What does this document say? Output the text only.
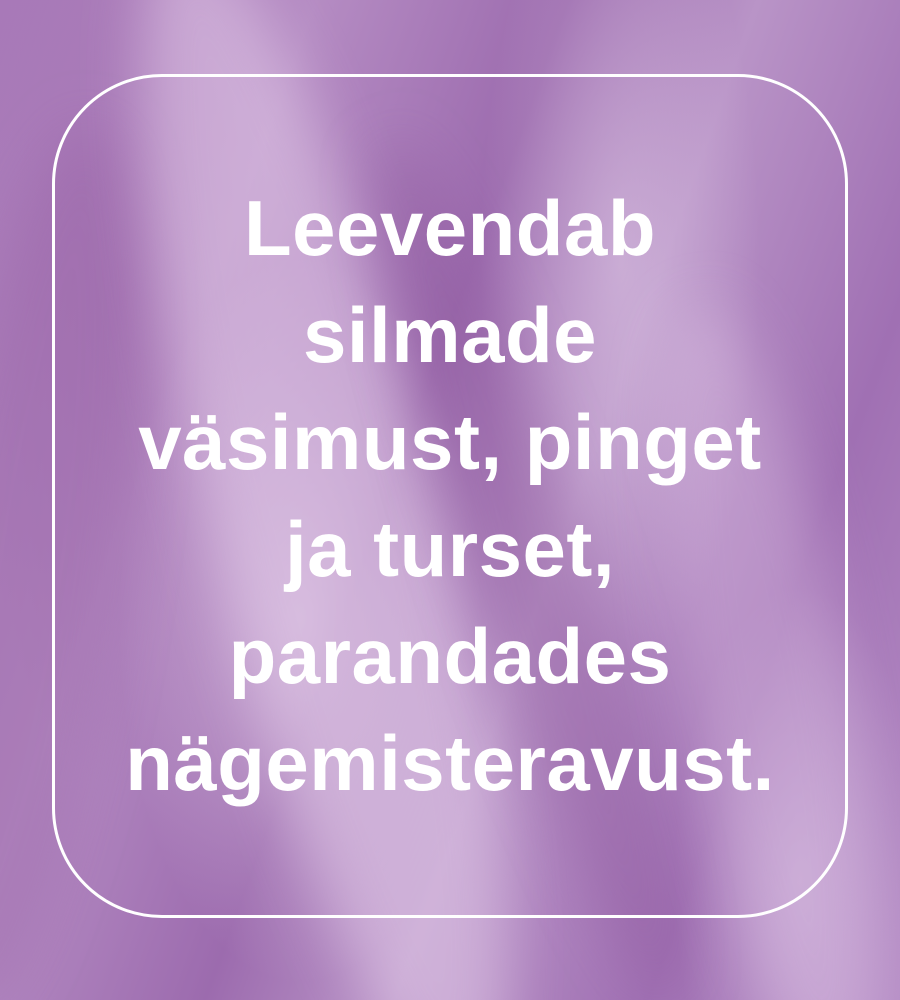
Leevendab
silmade
väsimust, pinget
ja turset,
parandades
nägemisteravust.
